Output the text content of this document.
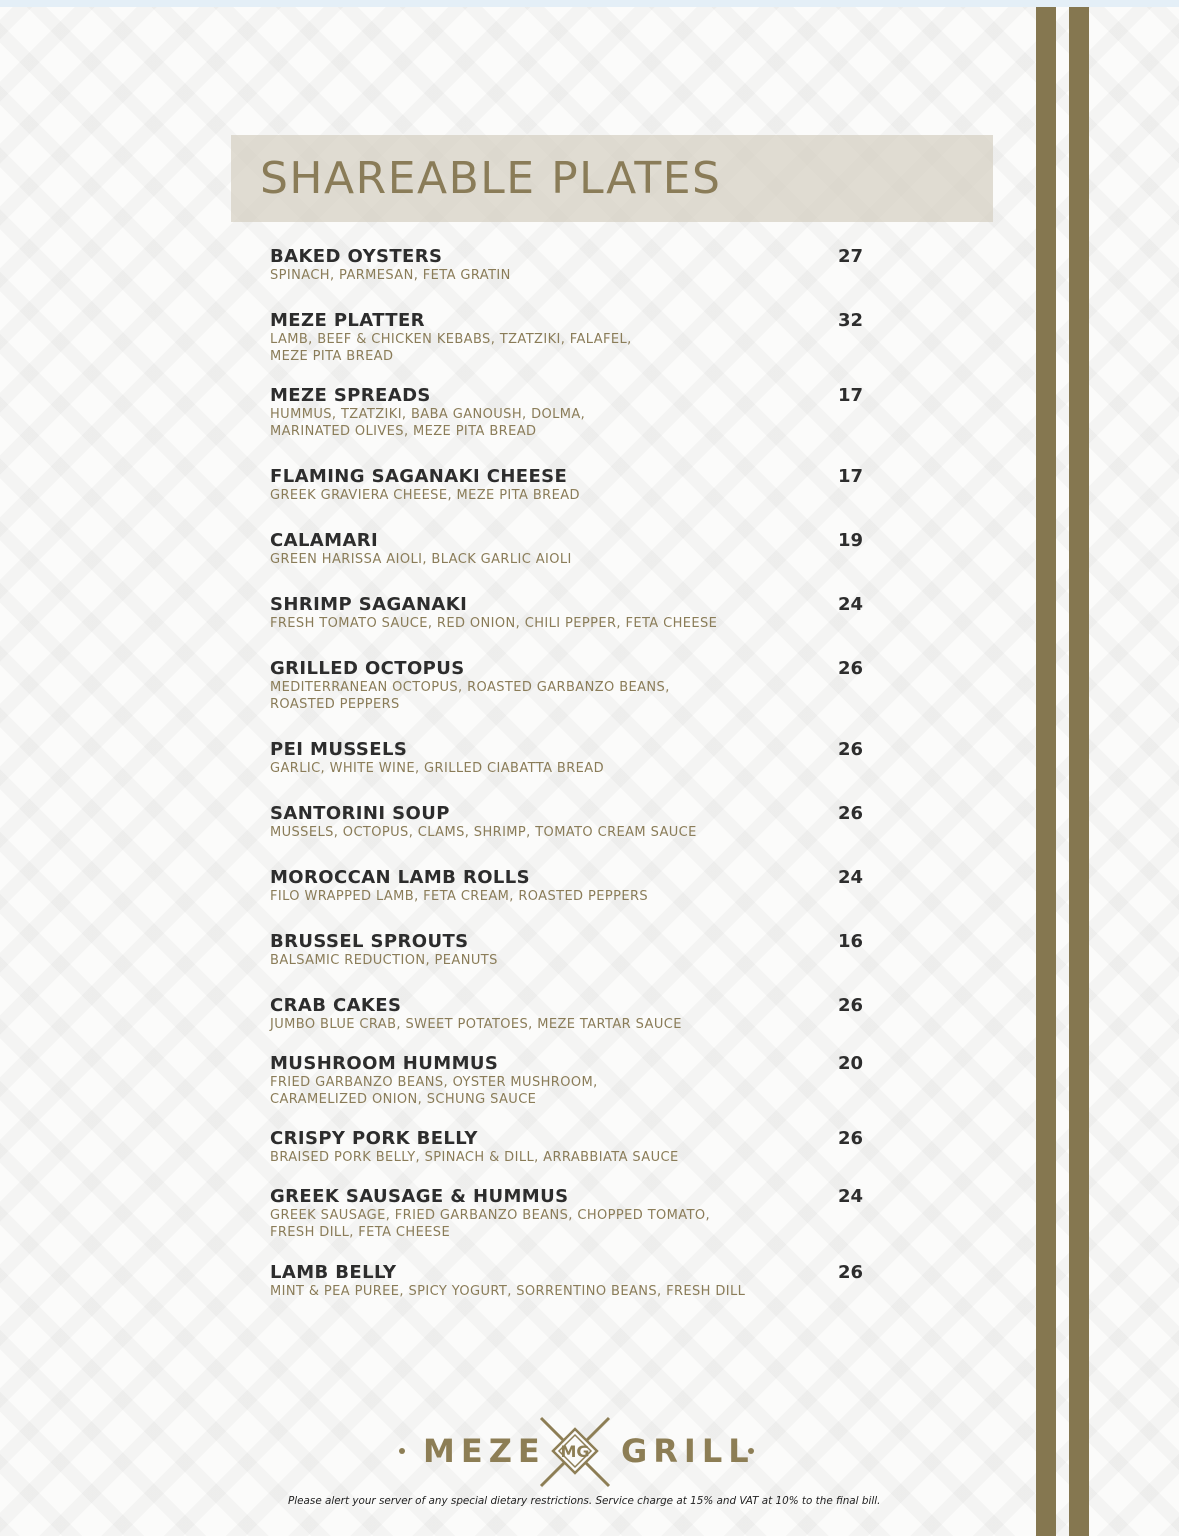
SHAREABLE PLATES
BAKED OYSTERS	27
SPINACH, PARMESAN, FETA GRATIN
MEZE PLATTER	32
LAMB, BEEF & CHICKEN KEBABS, TZATZIKI, FALAFEL,
MEZE PITA BREAD
MEZE SPREADS	17
HUMMUS, TZATZIKI, BABA GANOUSH, DOLMA,
MARINATED OLIVES, MEZE PITA BREAD
FLAMING SAGANAKI CHEESE	17
GREEK GRAVIERA CHEESE, MEZE PITA BREAD
CALAMARI	19
GREEN HARISSA AIOLI, BLACK GARLIC AIOLI
SHRIMP SAGANAKI	24
FRESH TOMATO SAUCE, RED ONION, CHILI PEPPER, FETA CHEESE
GRILLED OCTOPUS	26
MEDITERRANEAN OCTOPUS, ROASTED GARBANZO BEANS,
ROASTED PEPPERS
PEI MUSSELS	26
GARLIC, WHITE WINE, GRILLED CIABATTA BREAD
SANTORINI SOUP	26
MUSSELS, OCTOPUS, CLAMS, SHRIMP, TOMATO CREAM SAUCE
MOROCCAN LAMB ROLLS	24
FILO WRAPPED LAMB, FETA CREAM, ROASTED PEPPERS
BRUSSEL SPROUTS	16
BALSAMIC REDUCTION, PEANUTS
CRAB CAKES	26
JUMBO BLUE CRAB, SWEET POTATOES, MEZE TARTAR SAUCE
MUSHROOM HUMMUS	20
FRIED GARBANZO BEANS, OYSTER MUSHROOM,
CARAMELIZED ONION, SCHUNG SAUCE
CRISPY PORK BELLY	26
BRAISED PORK BELLY, SPINACH & DILL, ARRABBIATA SAUCE
GREEK SAUSAGE & HUMMUS	24
GREEK SAUSAGE, FRIED GARBANZO BEANS, CHOPPED TOMATO,
FRESH DILL, FETA CHEESE
LAMB BELLY	26
MINT & PEA PUREE, SPICY YOGURT, SORRENTINO BEANS, FRESH DILL
MG
MEZE GRILL
Please alert your server of any special dietary restrictions. Service charge at 15% and VAT at 10% to the final bill.
